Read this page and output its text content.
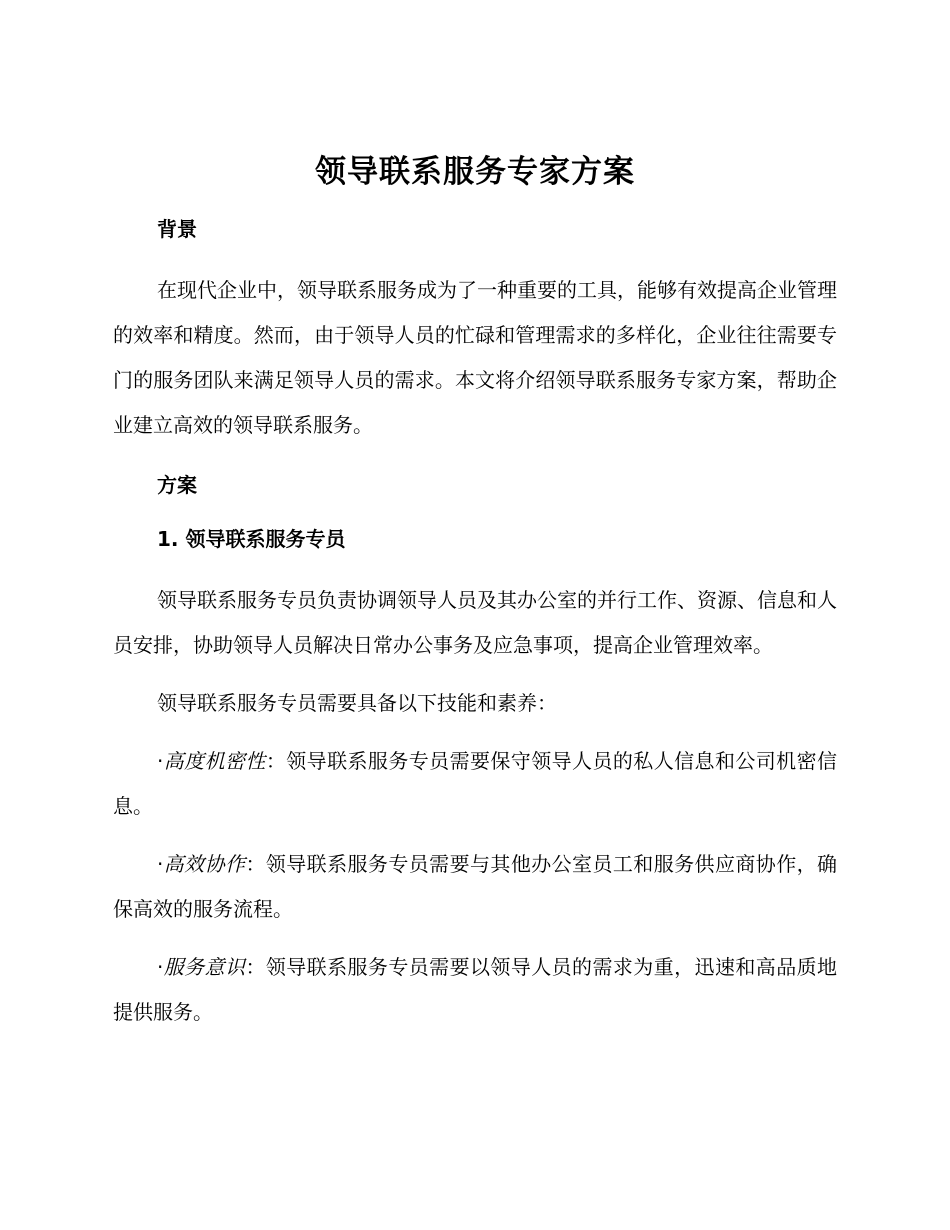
领导联系服务专家方案
背景

在现代企业中，领导联系服务成为了一种重要的工具，能够有效提高企业管理的效率和精度。然而，由于领导人员的忙碌和管理需求的多样化，企业往往需要专门的服务团队来满足领导人员的需求。本文将介绍领导联系服务专家方案，帮助企业建立高效的领导联系服务。

方案
1. 领导联系服务专员

领导联系服务专员负责协调领导人员及其办公室的并行工作、资源、信息和人员安排，协助领导人员解决日常办公事务及应急事项，提高企业管理效率。

领导联系服务专员需要具备以下技能和素养：

·高度机密性：领导联系服务专员需要保守领导人员的私人信息和公司机密信息。

·高效协作：领导联系服务专员需要与其他办公室员工和服务供应商协作，确保高效的服务流程。

·服务意识：领导联系服务专员需要以领导人员的需求为重，迅速和高品质地提供服务。
